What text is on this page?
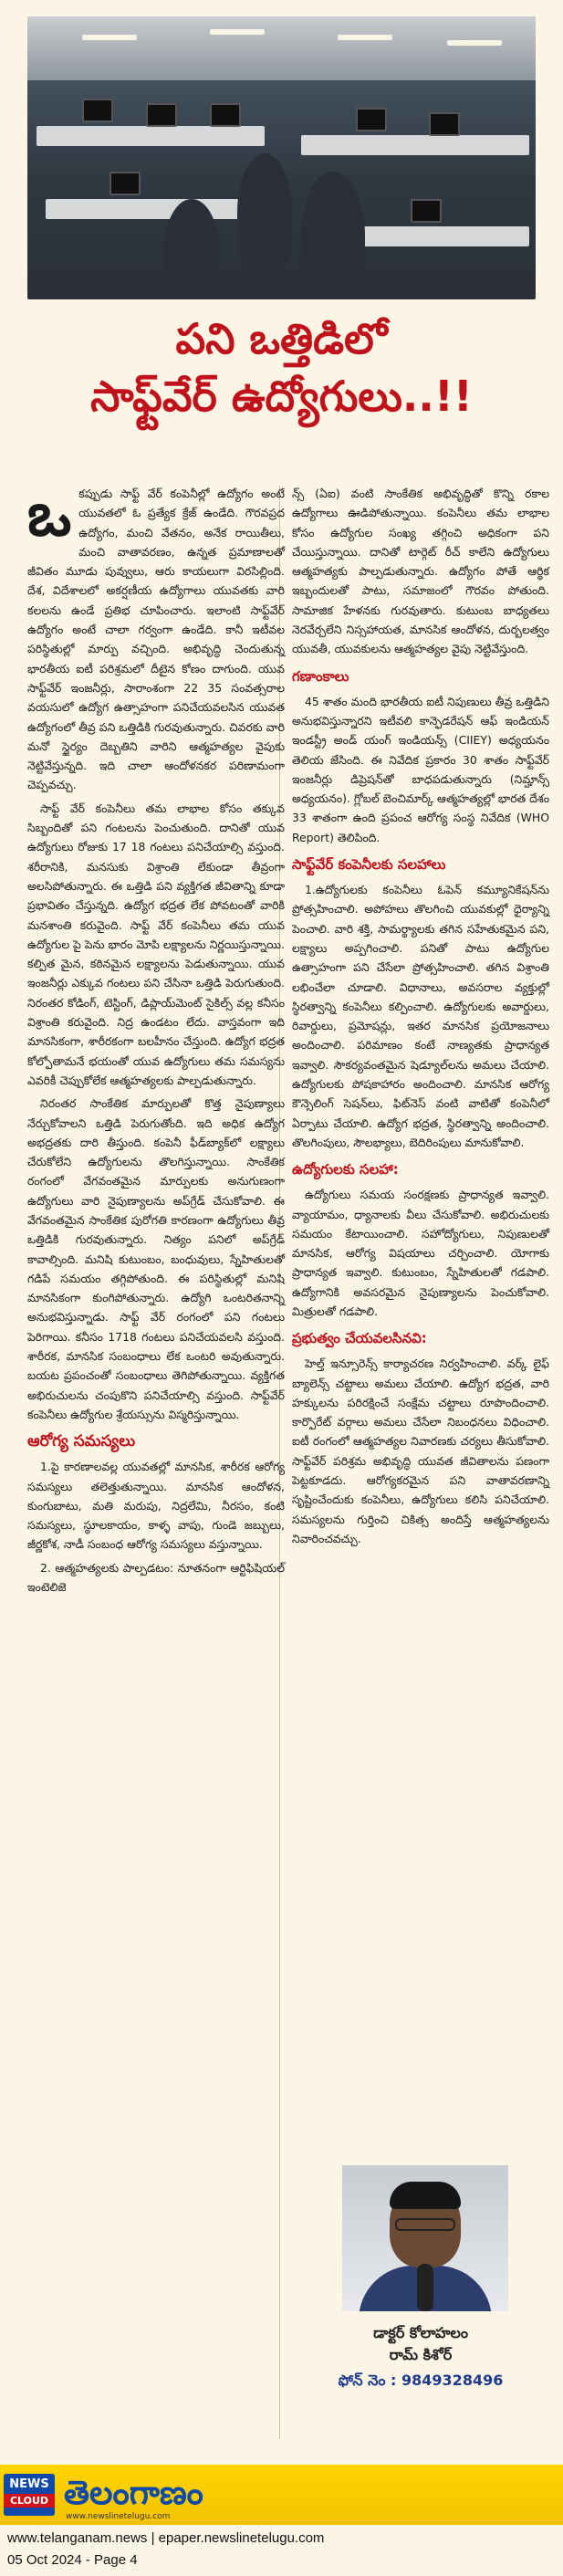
పని ఒత్తిడిలో
సాఫ్ట్‌వేర్ ఉద్యోగులు..!!
ఒ కప్పుడు సాఫ్ట్ వేర్ కంపెనీల్లో ఉద్యోగం అంటే యువతలో ఓ ప్రత్యేక క్రేజ్ ఉండేది. గౌరవప్రద ఉద్యోగం, మంచి వేతనం, అనేక రాయితీలు, మంచి వాతావరణం, ఉన్నత ప్రమాణాలతో జీవితం మూడు పువ్వులు, ఆరు కాయలుగా విరసిల్లింది. దేశ, విదేశాలలో అకర్షణీయ ఉద్యోగాలు యువతకు వారి కలలను ఉండే ప్రతిభ చూపించారు. ఇలాంటి సాఫ్ట్‌వేర్ ఉద్యోగం అంటే చాలా గర్వంగా ఉండేది. కానీ ఇటీవల పరిస్థితుల్లో మార్పు వచ్చింది. అభివృద్ధి చెందుతున్న భారతీయ ఐటీ పరిశ్రమలో దీటైన కోణం దాగుంది. యువ సాఫ్ట్‌వేర్ ఇంజనీర్లు, సారాంశంగా 22 35 సంవత్సరాల వయసులో ఉద్యోగ ఉత్సాహంగా పనిచేయవలసిన యువత ఉద్యోగంలో తీవ్ర పని ఒత్తిడికి గురవుతున్నారు. చివరకు వారి మనో స్థైర్యం దెబ్బతిని వారిని ఆత్మహత్యల వైపుకు నెట్టివేస్తున్నది. ఇది చాలా ఆందోళనకర పరిణామంగా చెప్పవచ్చు.

సాఫ్ట్ వేర్ కంపెనీలు తమ లాభాల కోసం తక్కువ సిబ్బందితో పని గంటలను పెంచుతుంది. దానితో యువ ఉద్యోగులు రోజుకు 17 18 గంటలు పనిచేయాల్సి వస్తుంది. శరీరానికి, మనసుకు విశ్రాంతి లేకుండా తీవ్రంగా అలసిపోతున్నారు. ఈ ఒత్తిడి పని వ్యక్తిగత జీవితాన్ని కూడా ప్రభావితం చేస్తున్నది. ఉద్యోగ భద్రత లేక పోవటంతో వారికి మనశాంతి కరువైంది. సాఫ్ట్ వేర్ కంపెనీలు తమ యువ ఉద్యోగుల పై పెను భారం మోపి లక్ష్యాలను నిర్ణయిస్తున్నాయి. కల్పిత మైన, కఠినమైన లక్ష్యాలను పెడుతున్నాయి. యువ ఇంజనీర్లు ఎక్కువ గంటలు పని చేసినా ఒత్తిడి పెరుగుతుంది. నిరంతర కోడింగ్, టెస్టింగ్, డిప్లాయ్‌మెంట్ సైకిల్స్ వల్ల కనీసం విశ్రాంతి కరువైంది. నిద్ర ఉండటం లేదు. వాస్తవంగా ఇది మానసికంగా, శారీరకంగా బలహీనం చేస్తుంది. ఉద్యోగ భద్రత కోల్పోతామనే భయంతో యువ ఉద్యోగులు తమ సమస్యను ఎవరికీ చెప్పుకోలేక ఆత్మహత్యలకు పాల్పడుతున్నారు.

నిరంతర సాంకేతిక మార్పులతో కొత్త నైపుణ్యాలు నేర్చుకోవాలని ఒత్తిడి పెరుగుతోంది. ఇది అధిక ఉద్యోగ అభద్రతకు దారి తీస్తుంది. కంపెనీ ఫీడ్‌బ్యాక్‌లో లక్ష్యాలు చేరుకోలేని ఉద్యోగులను తొలగిస్తున్నాయి. సాంకేతిక రంగంలో వేగవంతమైన మార్పులకు అనుగుణంగా ఉద్యోగులు వారి నైపుణ్యాలను అప్‌గ్రేడ్ చేసుకోవాలి. ఈ వేగవంతమైన సాంకేతిక పురోగతి కారణంగా ఉద్యోగులు తీవ్ర ఒత్తిడికి గురవుతున్నారు. నిత్యం పనిలో అప్‌గ్రేడ్ కావాల్సింది. మనిషి కుటుంబం, బంధువులు, స్నేహితులతో గడిపే సమయం తగ్గిపోతుంది. ఈ పరిస్థితుల్లో మనిషి మానసికంగా కుంగిపోతున్నారు. ఉద్యోగి ఒంటరితనాన్ని అనుభవిస్తున్నాడు. సాఫ్ట్ వేర్ రంగంలో పని గంటలు పెరిగాయి. కనీసం 1718 గంటలు పనిచేయవలసి వస్తుంది. శారీరక, మానసిక సంబంధాలు లేక ఒంటరి అవుతున్నారు. బయట ప్రపంచంతో సంబంధాలు తెగిపోతున్నాయి. వ్యక్తిగత అభిరుచులను చంపుకొని పనిచేయాల్సి వస్తుంది. సాఫ్ట్‌వేర్ కంపెనీలు ఉద్యోగుల శ్రేయస్సును విస్మరిస్తున్నాయి.

ఆరోగ్య సమస్యలు

1.పై కారణాలవల్ల యువతల్లో మానసిక, శారీరక ఆరోగ్య సమస్యలు తలెత్తుతున్నాయి. మానసిక ఆందోళన, కుంగుబాటు, మతి మరుపు, నిద్రలేమి, నీరసం, కంటి సమస్యలు, స్థూలకాయం, కాళ్ళ వాపు, గుండె జబ్బులు, జీర్ణకోశ, నాడీ సంబంధ ఆరోగ్య సమస్యలు వస్తున్నాయి.

2. ఆత్మహత్యలకు పాల్పడటం: నూతనంగా ఆర్టిఫిషియల్ ఇంటెలిజె

న్స్ (ఏఐ) వంటి సాంకేతిక అభివృద్ధితో కొన్ని రకాల ఉద్యోగాలు ఊడిపోతున్నాయి. కంపెనీలు తమ లాభాల కోసం ఉద్యోగుల సంఖ్య తగ్గించి అధికంగా పని చేయిస్తున్నాయి. దానితో టార్గెట్ రీచ్ కాలేని ఉద్యోగులు ఆత్మహత్యకు పాల్పడుతున్నారు. ఉద్యోగం పోతే ఆర్థిక ఇబ్బందులతో పాటు, సమాజంలో గౌరవం పోతుంది. సామాజిక హేళనకు గురవుతారు. కుటుంబ బాధ్యతలు నెరవేర్చలేని నిస్సహాయత, మానసిక ఆందోళన, దుర్బలత్వం యువతీ, యువకులను ఆత్మహత్యల వైపు నెట్టివేస్తుంది.

గణాంకాలు

45 శాతం మంది భారతీయ ఐటీ నిపుణులు తీవ్ర ఒత్తిడిని అనుభవిస్తున్నారని ఇటీవలి కాన్ఫెడరేషన్ ఆఫ్ ఇండియన్ ఇండస్ట్రీ అండ్ యంగ్ ఇండియన్స్ (CIIEY) అధ్యయనం తెలియ జేసింది. ఈ నివేదిక ప్రకారం 30 శాతం సాఫ్ట్‌వేర్ ఇంజనీర్లు డిప్రెషన్‌తో బాధపడుతున్నారు (నిమ్హాన్స్ అధ్యయనం). గ్లోబల్ బెంచిమార్క్ ఆత్మహత్యల్లో భారత దేశం 33 శాతంగా ఉంది ప్రపంచ ఆరోగ్య సంస్థ నివేదిక (WHO Report) తెలిపింది.

సాఫ్ట్‌వేర్ కంపెనీలకు సలహాలు

1.ఉద్యోగులకు కంపెనీలు ఓపెన్ కమ్యూనికేషన్‌ను ప్రోత్సహించాలి. అపోహలు తొలగించి యువకుల్లో ధైర్యాన్ని పెంచాలి. వారి శక్తి, సామర్థ్యాలకు తగిన సహేతుకమైన పని, లక్ష్యాలు అప్పగించాలి. పనితో పాటు ఉద్యోగుల ఉత్సాహంగా పని చేసేలా ప్రోత్సహించాలి. తగిన విశ్రాంతి లభించేలా చూడాలి. విధానాలు, అవసరాల వ్యక్తుల్లో స్థిరత్వాన్ని కంపెనీలు కల్పించాలి. ఉద్యోగులకు అవార్డులు, రివార్డులు, ప్రమోషన్లు, ఇతర మానసిక ప్రయోజనాలు అందించాలి. పరిమాణం కంటే నాణ్యతకు ప్రాధాన్యత ఇవ్వాలి. సౌకర్యవంతమైన షెడ్యూల్‌లను అమలు చేయాలి. ఉద్యోగులకు పోషకాహారం అందించాలి. మానసిక ఆరోగ్య కౌన్సెలింగ్ సెషన్‌లు, ఫిట్‌నెస్ వంటి వాటితో కంపెనీలో ఏర్పాటు చేయాలి. ఉద్యోగ భద్రత, స్థిరత్వాన్ని అందించాలి. తొలగింపులు, సౌలభ్యాలు, బెదిరింపులు మానుకోవాలి.

ఉద్యోగులకు సలహా:

ఉద్యోగులు సమయ సంరక్షణకు ప్రాధాన్యత ఇవ్వాలి. వ్యాయామం, ధ్యానాలకు వీలు చేసుకోవాలి. అభిరుచులకు సమయం కేటాయించాలి. సహోద్యోగులు, నిపుణులతో మానసిక, ఆరోగ్య విషయాలు చర్చించాలి. యోగాకు ప్రాధాన్యత ఇవ్వాలి. కుటుంబం, స్నేహితులతో గడపాలి. ఉద్యోగానికి అవసరమైన నైపుణ్యాలను పెంచుకోవాలి. మిత్రులతో గడపాలి.

ప్రభుత్వం చేయవలసినవి:

హెల్త్ ఇన్సూరెన్స్ కార్యాచరణ నిర్వహించాలి. వర్క్ లైఫ్ బ్యాలెన్స్ చట్టాలు అమలు చేయాలి. ఉద్యోగ భద్రత, వారి హక్కులను పరిరక్షించే సంక్షేమ చట్టాలు రూపొందించాలి. కార్పొరేట్ వర్గాలు అమలు చేసేలా నిబంధనలు విధించాలి. ఐటీ రంగంలో ఆత్మహత్యల నివారణకు చర్యలు తీసుకోవాలి. సాఫ్ట్‌వేర్ పరిశ్రమ అభివృద్ధి యువత జీవితాలను పణంగా పెట్టకూడదు. ఆరోగ్యకరమైన పని వాతావరణాన్ని సృష్టించేందుకు కంపెనీలు, ఉద్యోగులు కలిసి పనిచేయాలి. సమస్యలను గుర్తించి చికిత్స అందిస్తే ఆత్మహత్యలను నివారించవచ్చు.

డాక్టర్ కోలాహలం
రామ్ కిశోర్
ఫోన్ నెం : 9849328496
NEWS
CLOUD తెలంగాణం
www.newslinetelugu.com
www.telanganam.news | epaper.newslinetelugu.com
05 Oct 2024 - Page 4
